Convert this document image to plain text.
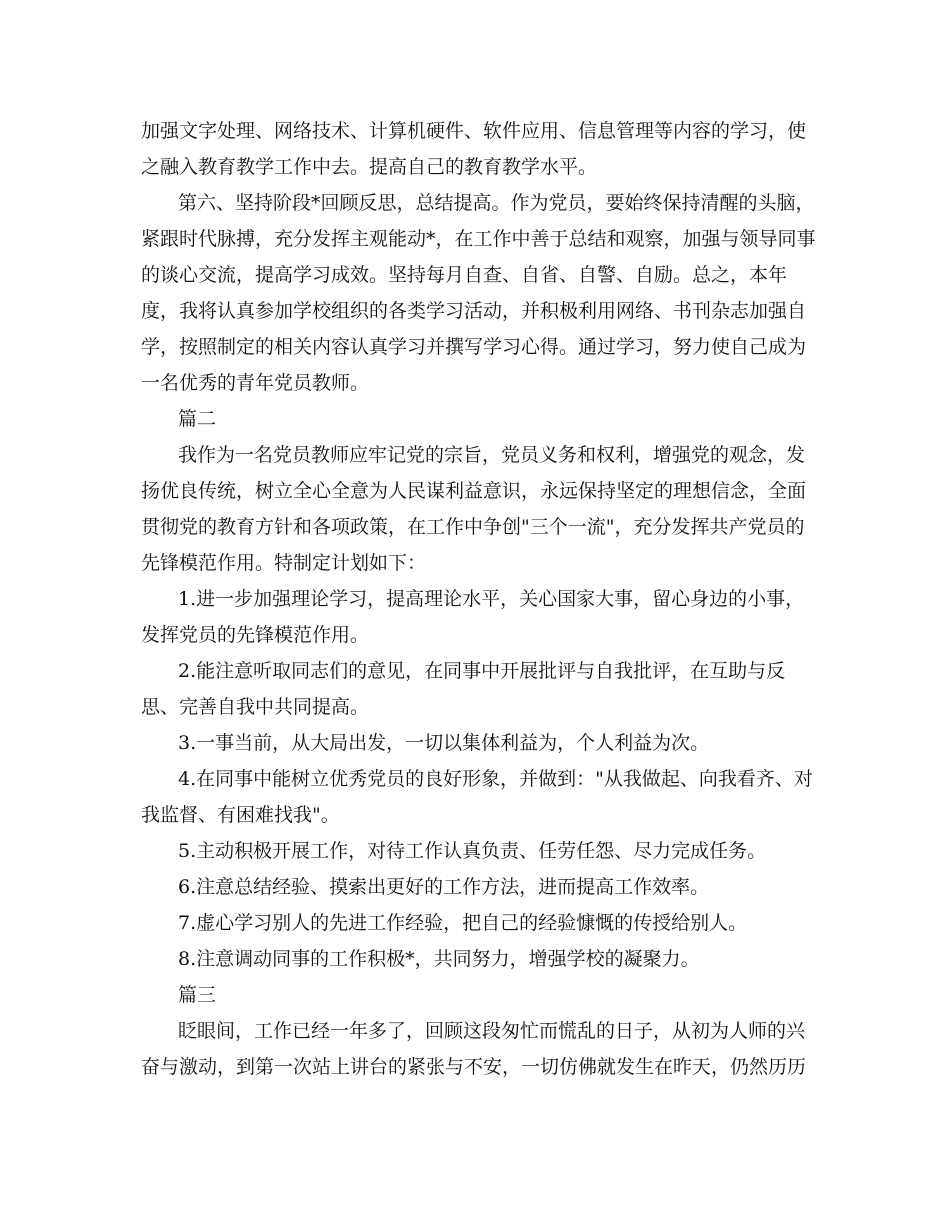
加强文字处理、网络技术、计算机硬件、软件应用、信息管理等内容的学习，使
之融入教育教学工作中去。提高自己的教育教学水平。
第六、坚持阶段*回顾反思，总结提高。作为党员，要始终保持清醒的头脑，
紧跟时代脉搏，充分发挥主观能动*，在工作中善于总结和观察，加强与领导同事
的谈心交流，提高学习成效。坚持每月自查、自省、自警、自励。总之，本年
度，我将认真参加学校组织的各类学习活动，并积极利用网络、书刊杂志加强自
学，按照制定的相关内容认真学习并撰写学习心得。通过学习，努力使自己成为
一名优秀的青年党员教师。
篇二
我作为一名党员教师应牢记党的宗旨，党员义务和权利，增强党的观念，发
扬优良传统，树立全心全意为人民谋利益意识，永远保持坚定的理想信念，全面
贯彻党的教育方针和各项政策，在工作中争创"三个一流"，充分发挥共产党员的
先锋模范作用。特制定计划如下：
1.进一步加强理论学习，提高理论水平，关心国家大事，留心身边的小事，
发挥党员的先锋模范作用。
2.能注意听取同志们的意见，在同事中开展批评与自我批评，在互助与反
思、完善自我中共同提高。
3.一事当前，从大局出发，一切以集体利益为，个人利益为次。
4.在同事中能树立优秀党员的良好形象，并做到："从我做起、向我看齐、对
我监督、有困难找我"。
5.主动积极开展工作，对待工作认真负责、任劳任怨、尽力完成任务。
6.注意总结经验、摸索出更好的工作方法，进而提高工作效率。
7.虚心学习别人的先进工作经验，把自己的经验慷慨的传授给别人。
8.注意调动同事的工作积极*，共同努力，增强学校的凝聚力。
篇三
眨眼间，工作已经一年多了，回顾这段匆忙而慌乱的日子，从初为人师的兴
奋与激动，到第一次站上讲台的紧张与不安，一切仿佛就发生在昨天，仍然历历
